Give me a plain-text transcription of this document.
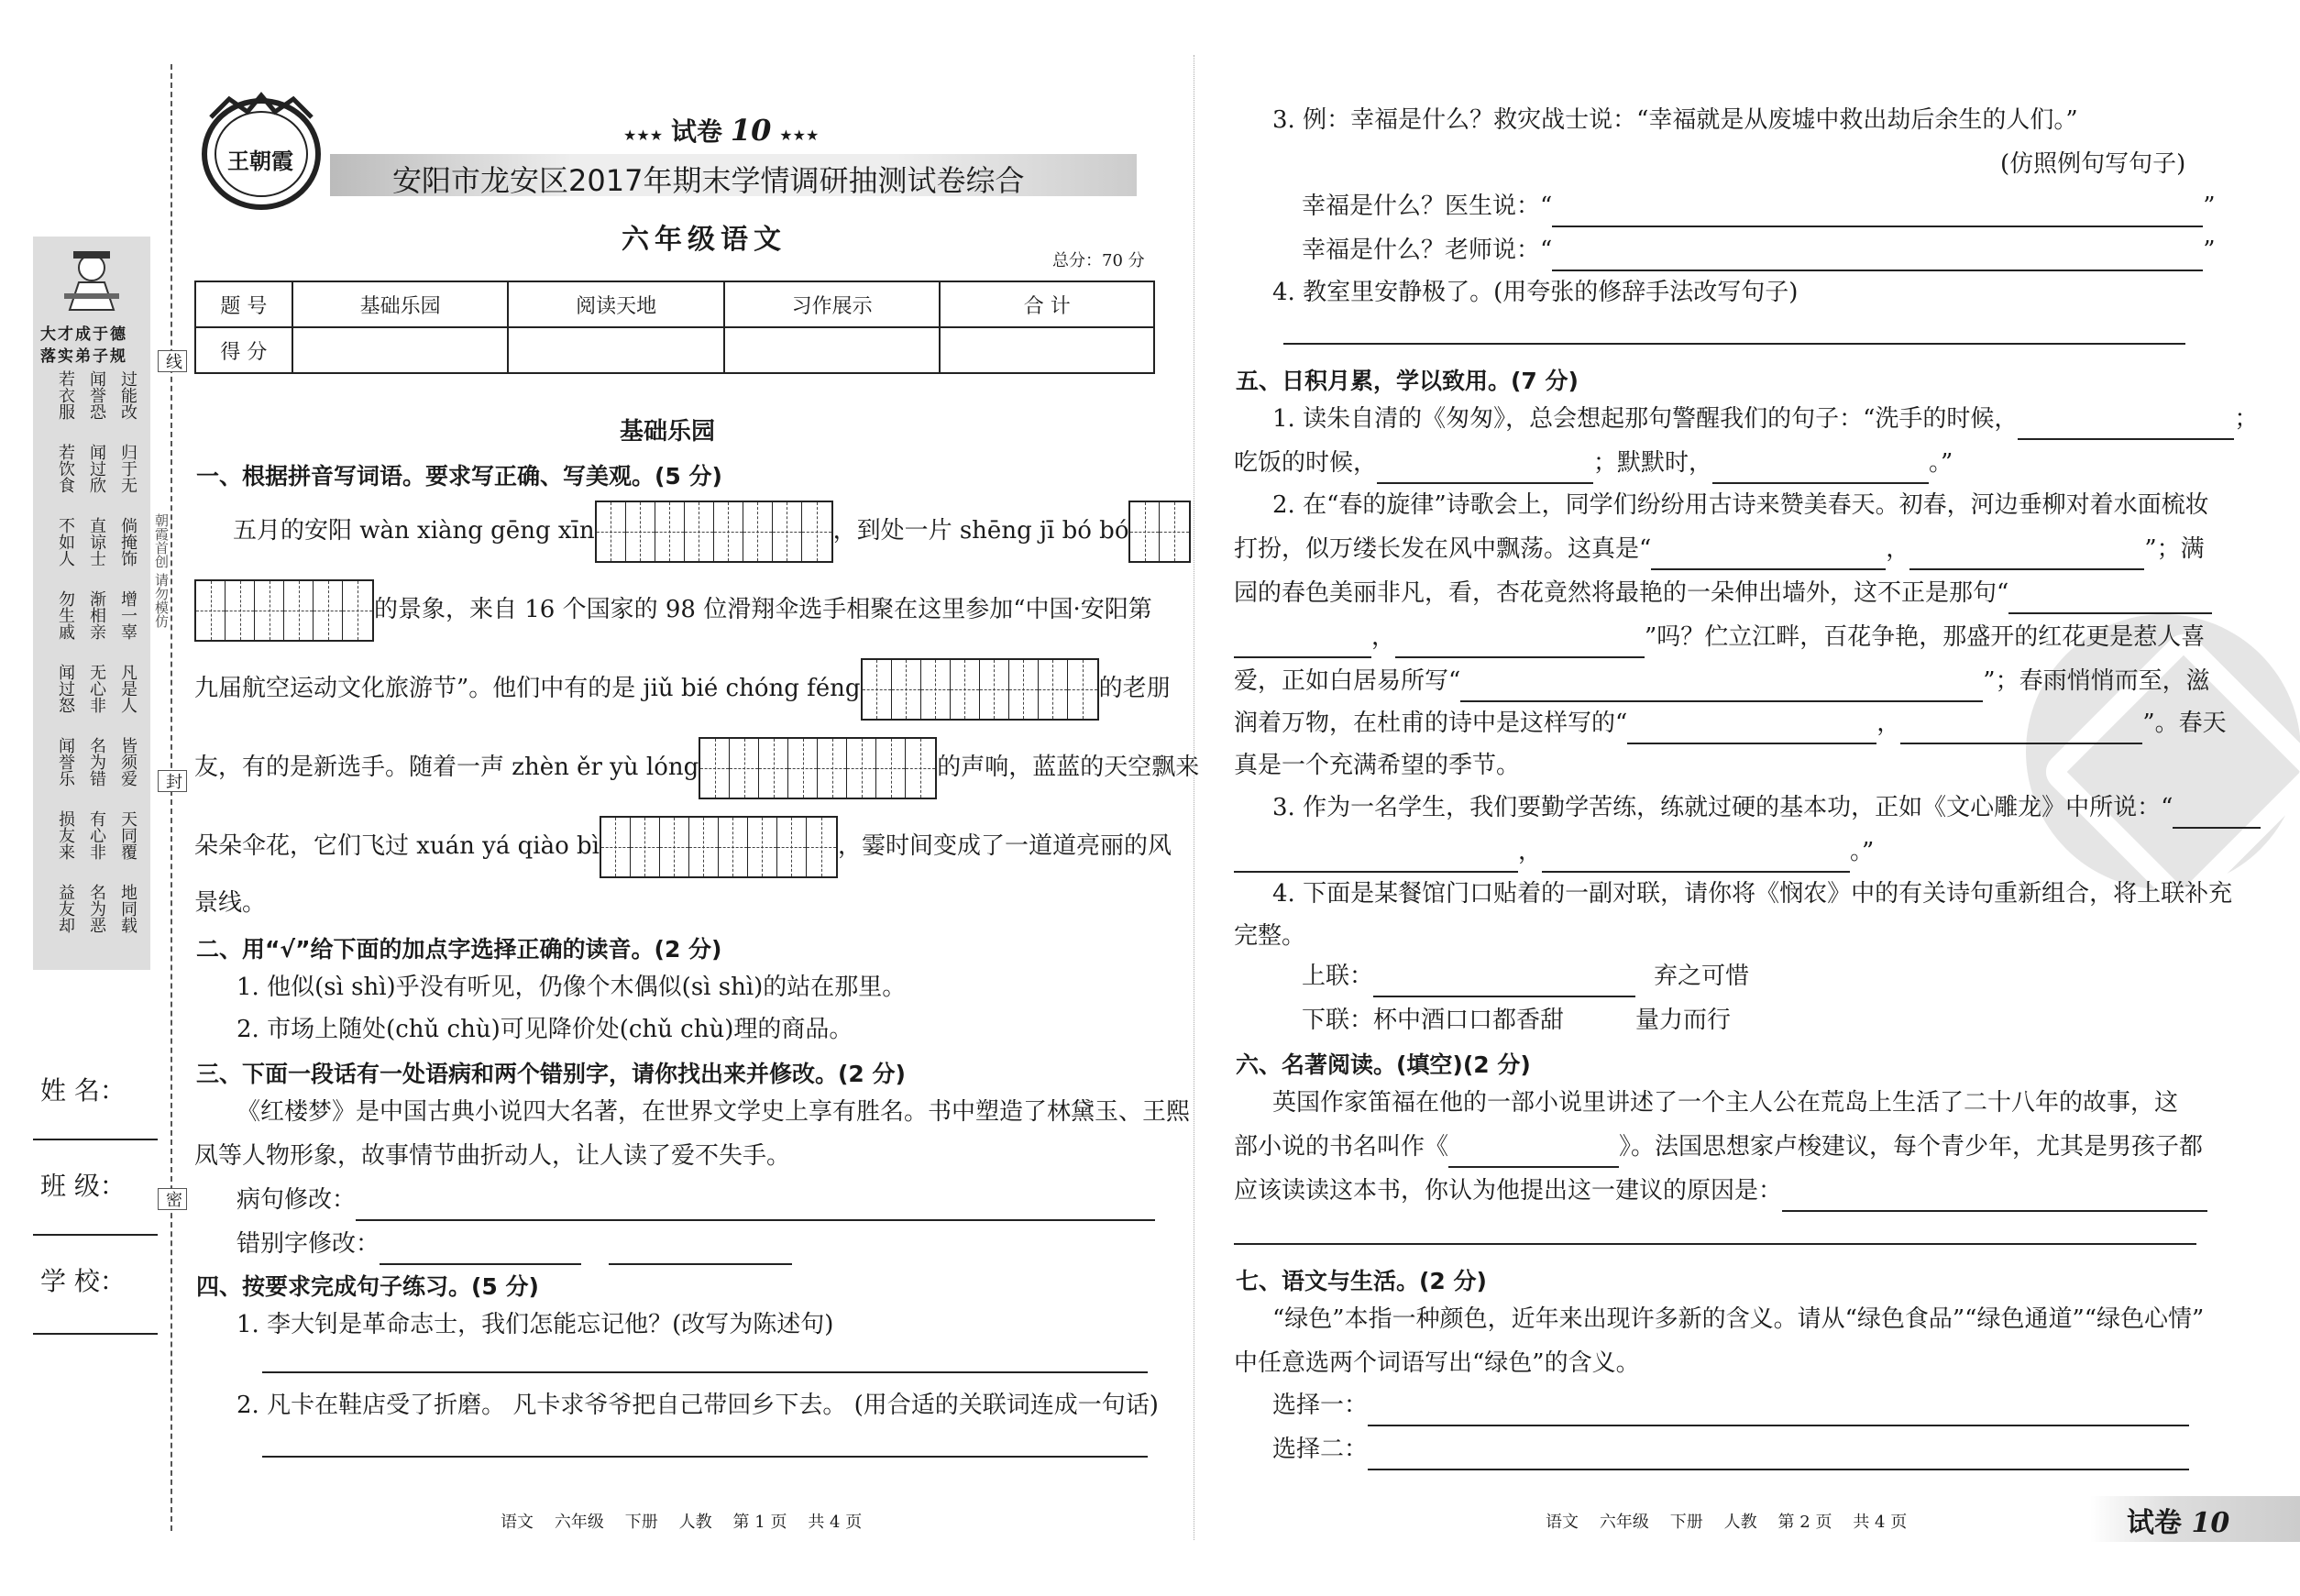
大才成于德
落实弟子规
过能改
闻誉恐
若衣服
归于无
闻过欣
若饮食
倘掩饰
直谅士
不如人
增一辜
渐相亲
勿生戚
凡是人
无心非
闻过怒
皆须爱
名为错
闻誉乐
天同覆
有心非
损友来
地同载
名为恶
益友却
线
封
密
朝霞首创 请勿模仿
姓 名：
班 级：
学 校：
王朝霞
★★★ 试卷 10 ★★★
安阳市龙安区2017年期末学情调研抽测试卷综合
六年级语文
总分：70 分
题 号	基础乐园	阅读天地	习作展示	合 计
得 分				
基础乐园
一、根据拼音写词语。要求写正确、写美观。(5 分)
五月的安阳 wàn xiàng gēng xīn	，到处一片 shēng jī bó bó
的景象，来自 16 个国家的 98 位滑翔伞选手相聚在这里参加“中国·安阳第
九届航空运动文化旅游节”。他们中有的是 jiǔ bié chóng féng	的老朋
友，有的是新选手。随着一声 zhèn ěr yù lóng	的声响，蓝蓝的天空飘来
朵朵伞花，它们飞过 xuán yá qiào bì	，霎时间变成了一道道亮丽的风
景线。
二、用“√”给下面的加点字选择正确的读音。(2 分)
1. 他似(sì shì)乎没有听见，仍像个木偶似(sì shì)的站在那里。
2. 市场上随处(chǔ chù)可见降价处(chǔ chù)理的商品。
三、下面一段话有一处语病和两个错别字，请你找出来并修改。(2 分)
《红楼梦》是中国古典小说四大名著，在世界文学史上享有胜名。书中塑造了林黛玉、王熙
凤等人物形象，故事情节曲折动人，让人读了爱不失手。
病句修改：
错别字修改：
四、按要求完成句子练习。(5 分)
1. 李大钊是革命志士，我们怎能忘记他？(改写为陈述句)
2. 凡卡在鞋店受了折磨。 凡卡求爷爷把自己带回乡下去。 (用合适的关联词连成一句话)
语文    六年级    下册    人教    第 1 页    共 4 页
3. 例：幸福是什么？救灾战士说：“幸福就是从废墟中救出劫后余生的人们。”
(仿照例句写句子)
幸福是什么？医生说：“	”
幸福是什么？老师说：“	”
4. 教室里安静极了。(用夸张的修辞手法改写句子)
五、日积月累，学以致用。(7 分)
1. 读朱自清的《匆匆》，总会想起那句警醒我们的句子：“洗手的时候，	；
吃饭的时候，	；默默时，	。”
2. 在“春的旋律”诗歌会上，同学们纷纷用古诗来赞美春天。初春，河边垂柳对着水面梳妆
打扮，似万缕长发在风中飘荡。这真是“	，	”；满
园的春色美丽非凡，看，杏花竟然将最艳的一朵伸出墙外，这不正是那句“
，	”吗？伫立江畔，百花争艳，那盛开的红花更是惹人喜
爱，正如白居易所写“	”；春雨悄悄而至，滋
润着万物，在杜甫的诗中是这样写的“	，	”。春天
真是一个充满希望的季节。
3. 作为一名学生，我们要勤学苦练，练就过硬的基本功，正如《文心雕龙》中所说：“
，	。”
4. 下面是某餐馆门口贴着的一副对联，请你将《悯农》中的有关诗句重新组合，将上联补充
完整。
上联：	弃之可惜
下联：杯中酒口口都香甜	量力而行
六、名著阅读。(填空)(2 分)
英国作家笛福在他的一部小说里讲述了一个主人公在荒岛上生活了二十八年的故事，这
部小说的书名叫作《	》。法国思想家卢梭建议，每个青少年，尤其是男孩子都
应该读读这本书，你认为他提出这一建议的原因是：
七、语文与生活。(2 分)
“绿色”本指一种颜色，近年来出现许多新的含义。请从“绿色食品”“绿色通道”“绿色心情”
中任意选两个词语写出“绿色”的含义。
选择一：
选择二：
语文    六年级    下册    人教    第 2 页    共 4 页	试卷 10
